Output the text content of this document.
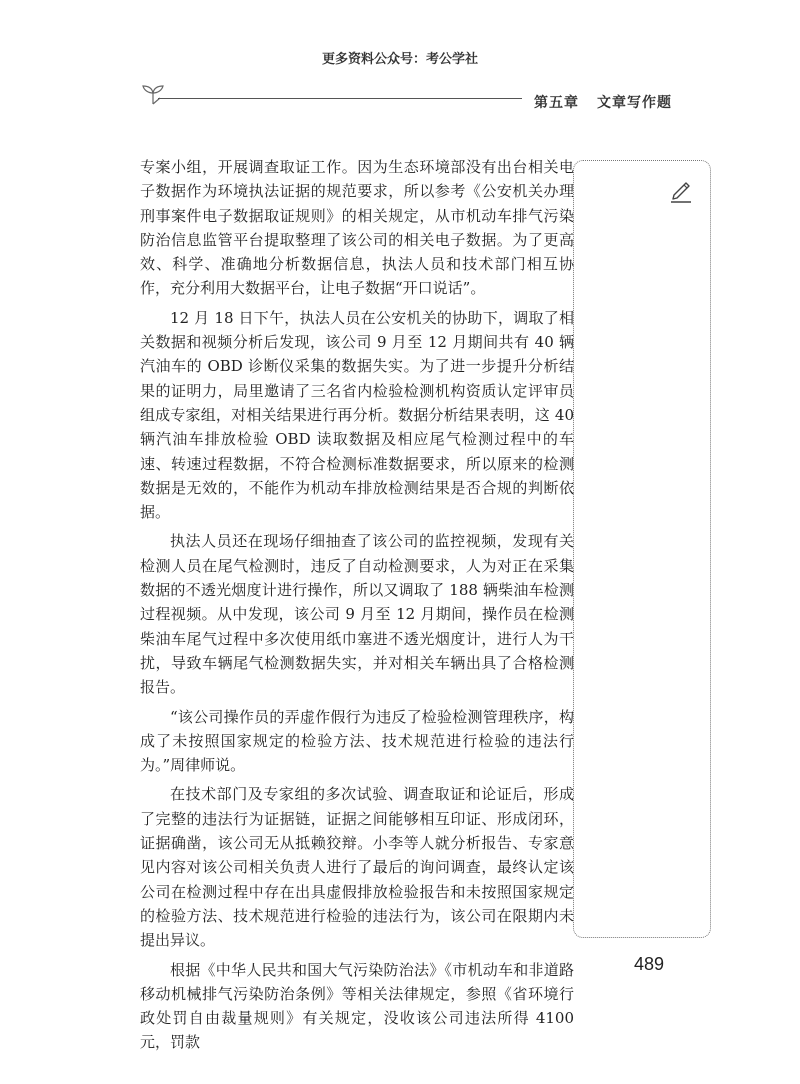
更多资料公众号：考公学社
第五章 文章写作题

专案小组，开展调查取证工作。因为生态环境部没有出台相关电子数据作为环境执法证据的规范要求，所以参考《公安机关办理刑事案件电子数据取证规则》的相关规定，从市机动车排气污染防治信息监管平台提取整理了该公司的相关电子数据。为了更高效、科学、准确地分析数据信息，执法人员和技术部门相互协作，充分利用大数据平台，让电子数据“开口说话”。

12 月 18 日下午，执法人员在公安机关的协助下，调取了相关数据和视频分析后发现，该公司 9 月至 12 月期间共有 40 辆汽油车的 OBD 诊断仪采集的数据失实。为了进一步提升分析结果的证明力，局里邀请了三名省内检验检测机构资质认定评审员组成专家组，对相关结果进行再分析。数据分析结果表明，这 40 辆汽油车排放检验 OBD 读取数据及相应尾气检测过程中的车速、转速过程数据，不符合检测标准数据要求，所以原来的检测数据是无效的，不能作为机动车排放检测结果是否合规的判断依据。

执法人员还在现场仔细抽查了该公司的监控视频，发现有关检测人员在尾气检测时，违反了自动检测要求，人为对正在采集数据的不透光烟度计进行操作，所以又调取了 188 辆柴油车检测过程视频。从中发现，该公司 9 月至 12 月期间，操作员在检测柴油车尾气过程中多次使用纸巾塞进不透光烟度计，进行人为干扰，导致车辆尾气检测数据失实，并对相关车辆出具了合格检测报告。

“该公司操作员的弄虚作假行为违反了检验检测管理秩序，构成了未按照国家规定的检验方法、技术规范进行检验的违法行为。”周律师说。

在技术部门及专家组的多次试验、调查取证和论证后，形成了完整的违法行为证据链，证据之间能够相互印证、形成闭环，证据确凿，该公司无从抵赖狡辩。小李等人就分析报告、专家意见内容对该公司相关负责人进行了最后的询问调查，最终认定该公司在检测过程中存在出具虚假排放检验报告和未按照国家规定的检验方法、技术规范进行检验的违法行为，该公司在限期内未提出异议。

根据《中华人民共和国大气污染防治法》《市机动车和非道路移动机械排气污染防治条例》等相关法律规定，参照《省环境行政处罚自由裁量规则》有关规定，没收该公司违法所得 4100 元，罚款

489
